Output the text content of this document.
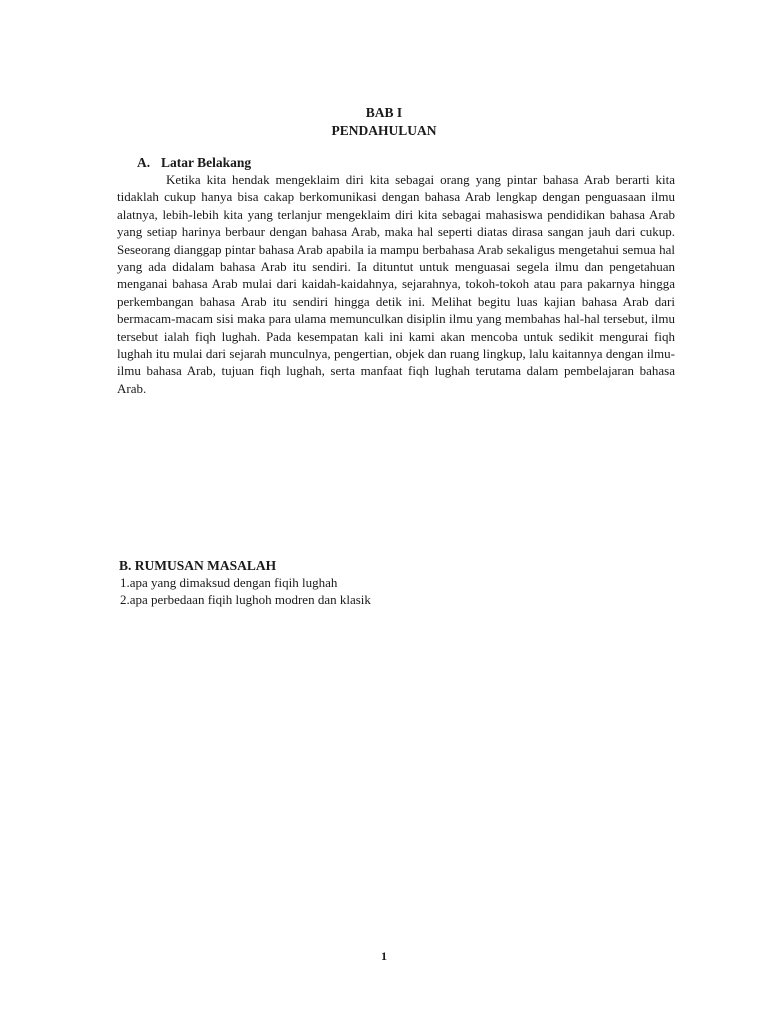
BAB I
PENDAHULUAN
A. Latar Belakang

Ketika kita hendak mengeklaim diri kita sebagai orang yang pintar bahasa Arab berarti kita tidaklah cukup hanya bisa cakap berkomunikasi dengan bahasa Arab lengkap dengan penguasaan ilmu alatnya, lebih-lebih kita yang terlanjur mengeklaim diri kita sebagai mahasiswa pendidikan bahasa Arab yang setiap harinya berbaur dengan bahasa Arab, maka hal seperti diatas dirasa sangan jauh dari cukup. Seseorang dianggap pintar bahasa Arab apabila ia mampu berbahasa Arab sekaligus mengetahui semua hal yang ada didalam bahasa Arab itu sendiri. Ia dituntut untuk menguasai segela ilmu dan pengetahuan menganai bahasa Arab mulai dari kaidah-kaidahnya, sejarahnya, tokoh-tokoh atau para pakarnya hingga perkembangan bahasa Arab itu sendiri hingga detik ini. Melihat begitu luas kajian bahasa Arab dari bermacam-macam sisi maka para ulama memunculkan disiplin ilmu yang membahas hal-hal tersebut, ilmu tersebut ialah fiqh lughah. Pada kesempatan kali ini kami akan mencoba untuk sedikit mengurai fiqh lughah itu mulai dari sejarah munculnya, pengertian, objek dan ruang lingkup, lalu kaitannya dengan ilmu-ilmu bahasa Arab, tujuan fiqh lughah, serta manfaat fiqh lughah terutama dalam pembelajaran bahasa Arab.

B. RUMUSAN MASALAH
1.apa yang dimaksud dengan fiqih lughah
2.apa perbedaan fiqih lughoh modren dan klasik
1
